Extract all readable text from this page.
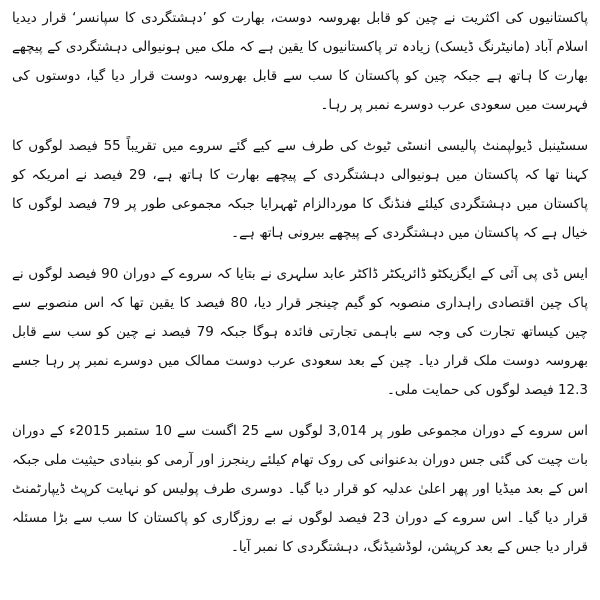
پاکستانیوں کی اکثریت نے چین کو قابل بھروسہ دوست، بھارت کو ’دہشتگردی کا سپانسر‘ قرار دیدیا اسلام آباد (مانیٹرنگ ڈیسک) زیادہ تر پاکستانیوں کا یقین ہے کہ ملک میں ہونیوالی دہشتگردی کے پیچھے بھارت کا ہاتھ ہے جبکہ چین کو پاکستان کا سب سے قابل بھروسہ دوست قرار دیا گیا، دوستوں کی فہرست میں سعودی عرب دوسرے نمبر پر رہا۔

سسٹینبل ڈیولپمنٹ پالیسی انسٹی ٹیوٹ کی طرف سے کیے گئے سروے میں تقریباً 55 فیصد لوگوں کا کہنا تھا کہ پاکستان میں ہونیوالی دہشتگردی کے پیچھے بھارت کا ہاتھ ہے، 29 فیصد نے امریکہ کو پاکستان میں دہشتگردی کیلئے فنڈنگ کا موردالزام ٹھہرایا جبکہ مجموعی طور پر 79 فیصد لوگوں کا خیال ہے کہ پاکستان میں دہشتگردی کے پیچھے بیرونی ہاتھ ہے۔

ایس ڈی پی آئی کے ایگزیکٹو ڈائریکٹر ڈاکٹر عابد سلہری نے بتایا کہ سروے کے دوران 90 فیصد لوگوں نے پاک چین اقتصادی راہداری منصوبہ کو گیم چینجر قرار دیا، 80 فیصد کا یقین تھا کہ اس منصوبے سے چین کیساتھ تجارت کی وجہ سے باہمی تجارتی فائدہ ہوگا جبکہ 79 فیصد نے چین کو سب سے قابل بھروسہ دوست ملک قرار دیا۔ چین کے بعد سعودی عرب دوست ممالک میں دوسرے نمبر پر رہا جسے 12.3 فیصد لوگوں کی حمایت ملی۔

اس سروے کے دوران مجموعی طور پر 3,014 لوگوں سے 25 اگست سے 10 ستمبر 2015ء کے دوران بات چیت کی گئی جس دوران بدعنوانی کی روک تھام کیلئے رینجرز اور آرمی کو بنیادی حیثیت ملی جبکہ اس کے بعد میڈیا اور پھر اعلیٰ عدلیہ کو قرار دیا گیا۔ دوسری طرف پولیس کو نہایت کرپٹ ڈیپارٹمنٹ قرار دیا گیا۔ اس سروے کے دوران 23 فیصد لوگوں نے بے روزگاری کو پاکستان کا سب سے بڑا مسئلہ قرار دیا جس کے بعد کرپشن، لوڈشیڈنگ، دہشتگردی کا نمبر آیا۔
